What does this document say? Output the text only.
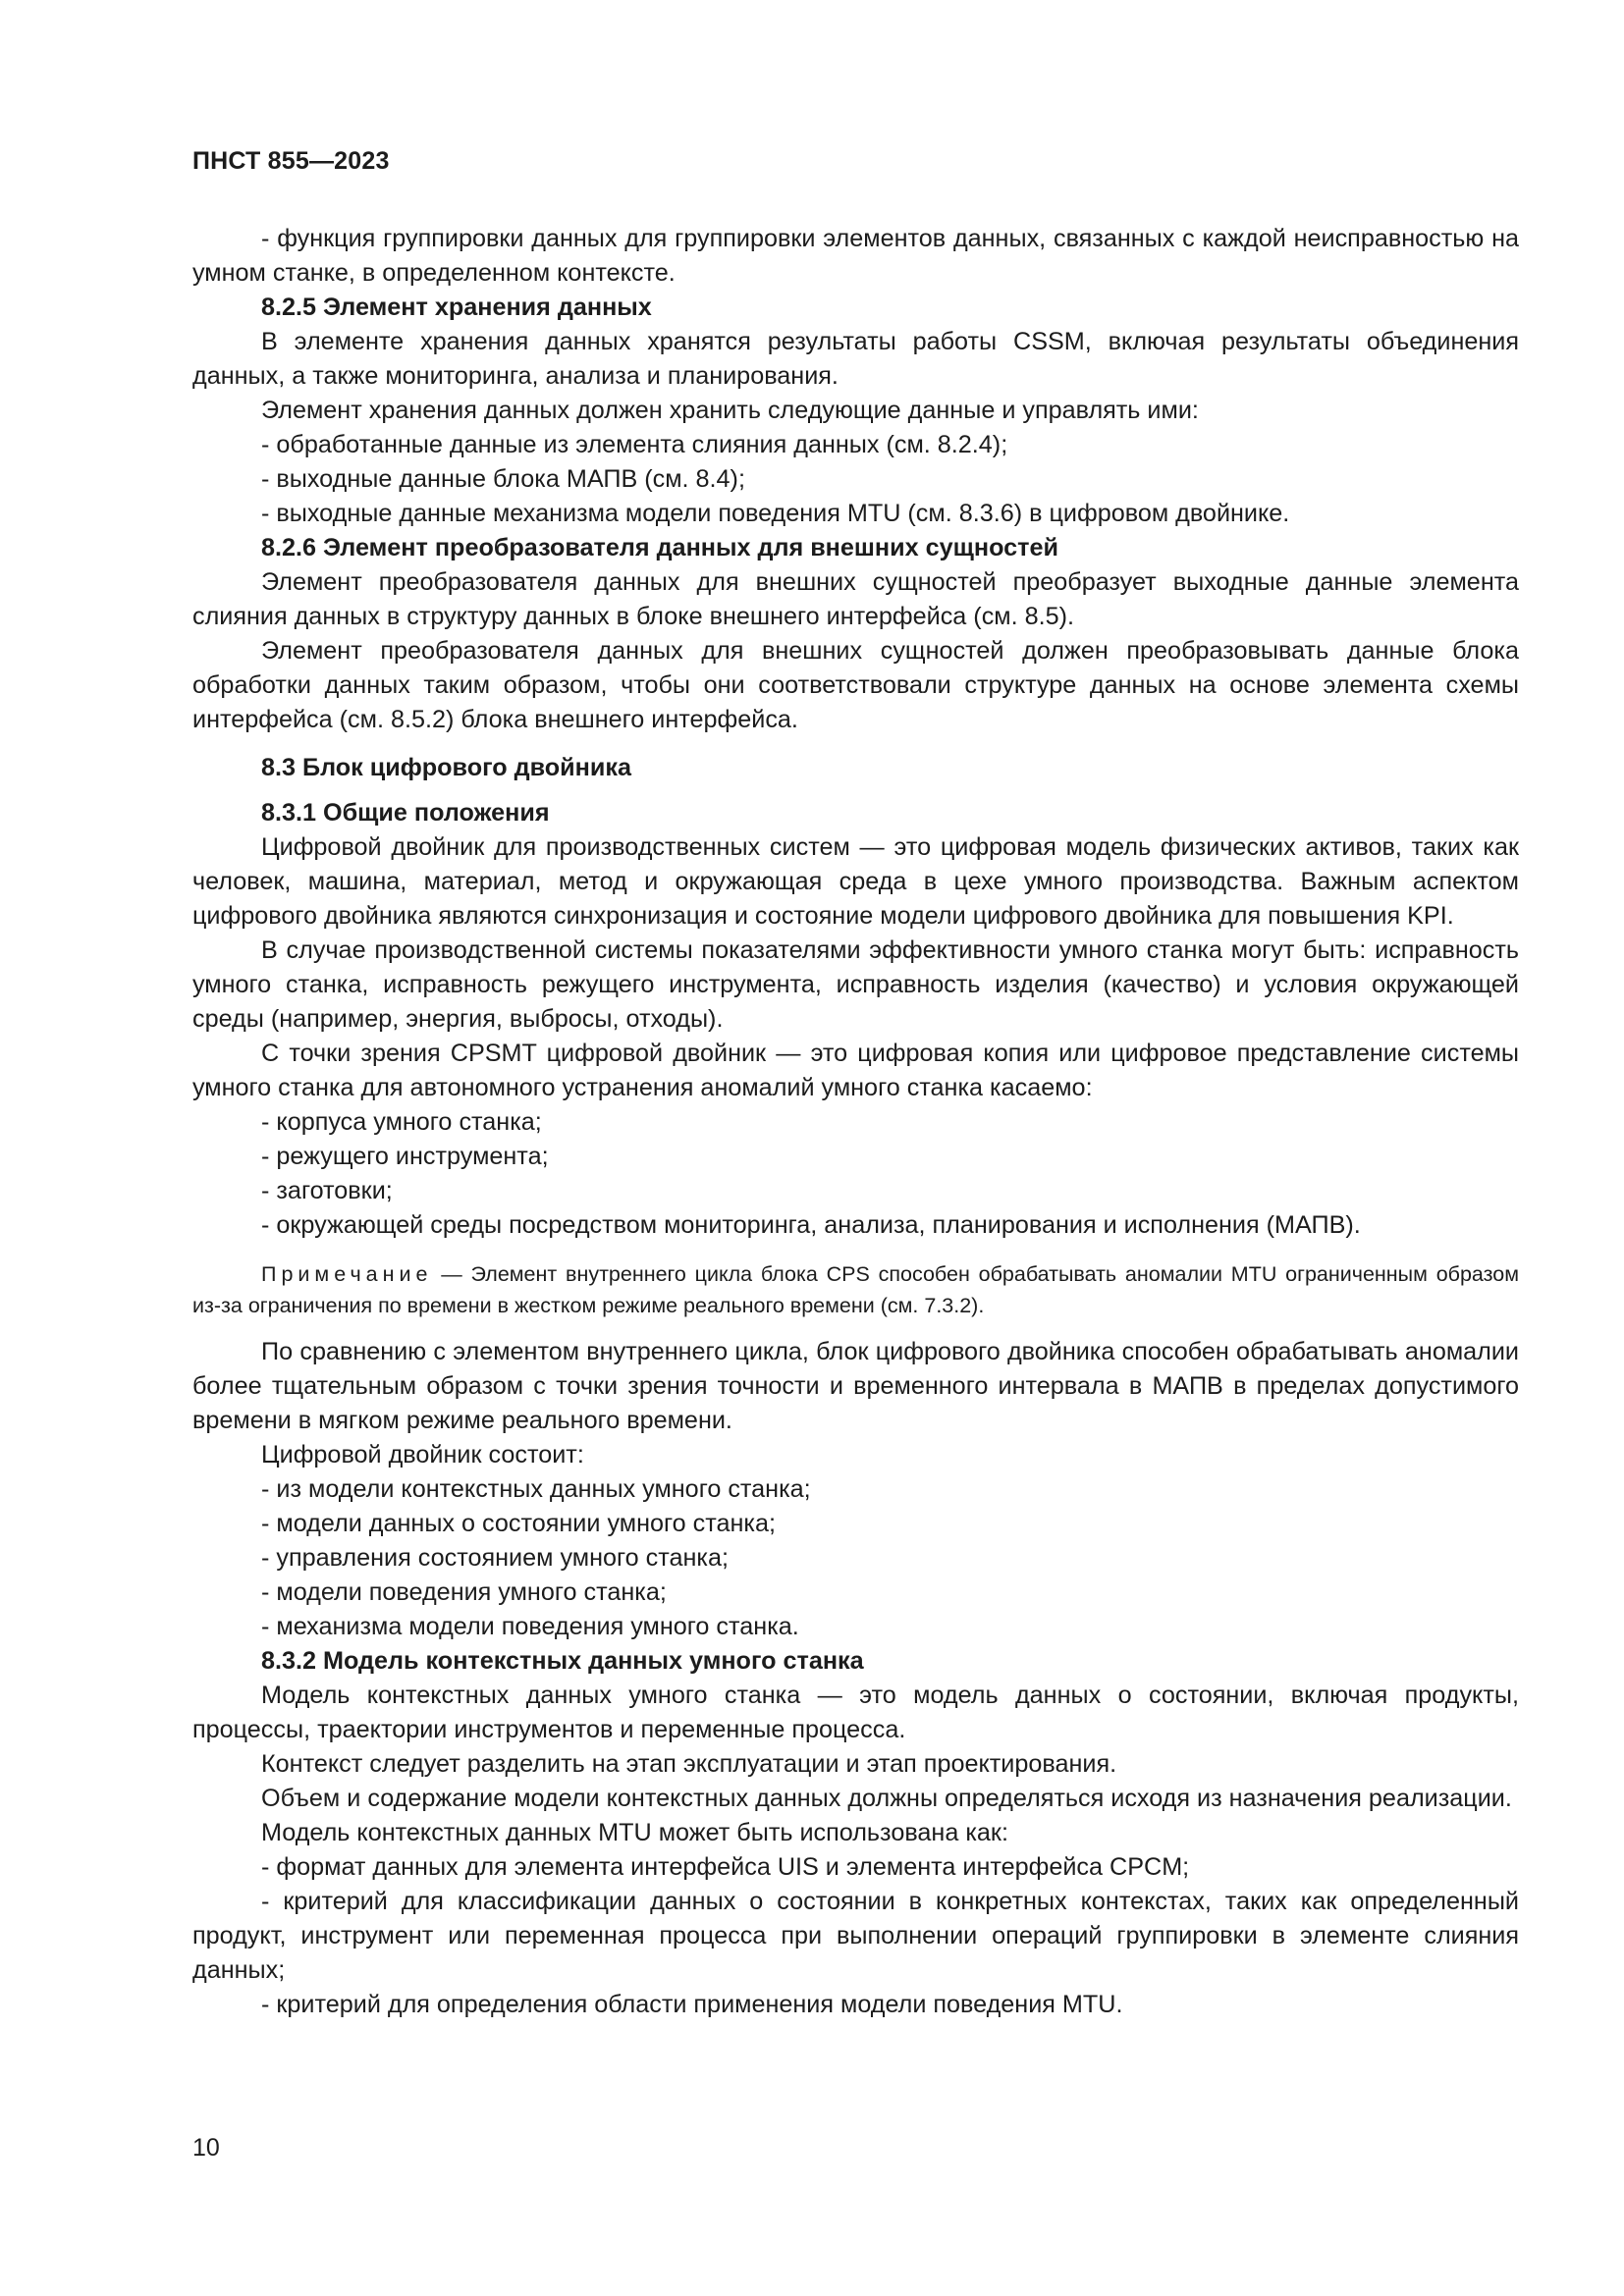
ПНСТ 855—2023

- функция группировки данных для группировки элементов данных, связанных с каждой неисправностью на умном станке, в определенном контексте.

8.2.5 Элемент хранения данных

В элементе хранения данных хранятся результаты работы CSSM, включая результаты объединения данных, а также мониторинга, анализа и планирования.

Элемент хранения данных должен хранить следующие данные и управлять ими:

- обработанные данные из элемента слияния данных (см. 8.2.4);

- выходные данные блока МАПВ (см. 8.4);

- выходные данные механизма модели поведения MTU (см. 8.3.6) в цифровом двойнике.

8.2.6 Элемент преобразователя данных для внешних сущностей

Элемент преобразователя данных для внешних сущностей преобразует выходные данные элемента слияния данных в структуру данных в блоке внешнего интерфейса (см. 8.5).

Элемент преобразователя данных для внешних сущностей должен преобразовывать данные блока обработки данных таким образом, чтобы они соответствовали структуре данных на основе элемента схемы интерфейса (см. 8.5.2) блока внешнего интерфейса.

8.3 Блок цифрового двойника

8.3.1 Общие положения

Цифровой двойник для производственных систем — это цифровая модель физических активов, таких как человек, машина, материал, метод и окружающая среда в цехе умного производства. Важным аспектом цифрового двойника являются синхронизация и состояние модели цифрового двойника для повышения KPI.

В случае производственной системы показателями эффективности умного станка могут быть: исправность умного станка, исправность режущего инструмента, исправность изделия (качество) и условия окружающей среды (например, энергия, выбросы, отходы).

С точки зрения CPSMT цифровой двойник — это цифровая копия или цифровое представление системы умного станка для автономного устранения аномалий умного станка касаемо:

- корпуса умного станка;

- режущего инструмента;

- заготовки;

- окружающей среды посредством мониторинга, анализа, планирования и исполнения (МАПВ).

Примечание — Элемент внутреннего цикла блока CPS способен обрабатывать аномалии MTU ограниченным образом из-за ограничения по времени в жестком режиме реального времени (см. 7.3.2).

По сравнению с элементом внутреннего цикла, блок цифрового двойника способен обрабатывать аномалии более тщательным образом с точки зрения точности и временного интервала в МАПВ в пределах допустимого времени в мягком режиме реального времени.

Цифровой двойник состоит:

- из модели контекстных данных умного станка;

- модели данных о состоянии умного станка;

- управления состоянием умного станка;

- модели поведения умного станка;

- механизма модели поведения умного станка.

8.3.2 Модель контекстных данных умного станка

Модель контекстных данных умного станка — это модель данных о состоянии, включая продукты, процессы, траектории инструментов и переменные процесса.

Контекст следует разделить на этап эксплуатации и этап проектирования.

Объем и содержание модели контекстных данных должны определяться исходя из назначения реализации.

Модель контекстных данных MTU может быть использована как:

- формат данных для элемента интерфейса UIS и элемента интерфейса CPCM;

- критерий для классификации данных о состоянии в конкретных контекстах, таких как определенный продукт, инструмент или переменная процесса при выполнении операций группировки в элементе слияния данных;

- критерий для определения области применения модели поведения MTU.

10
